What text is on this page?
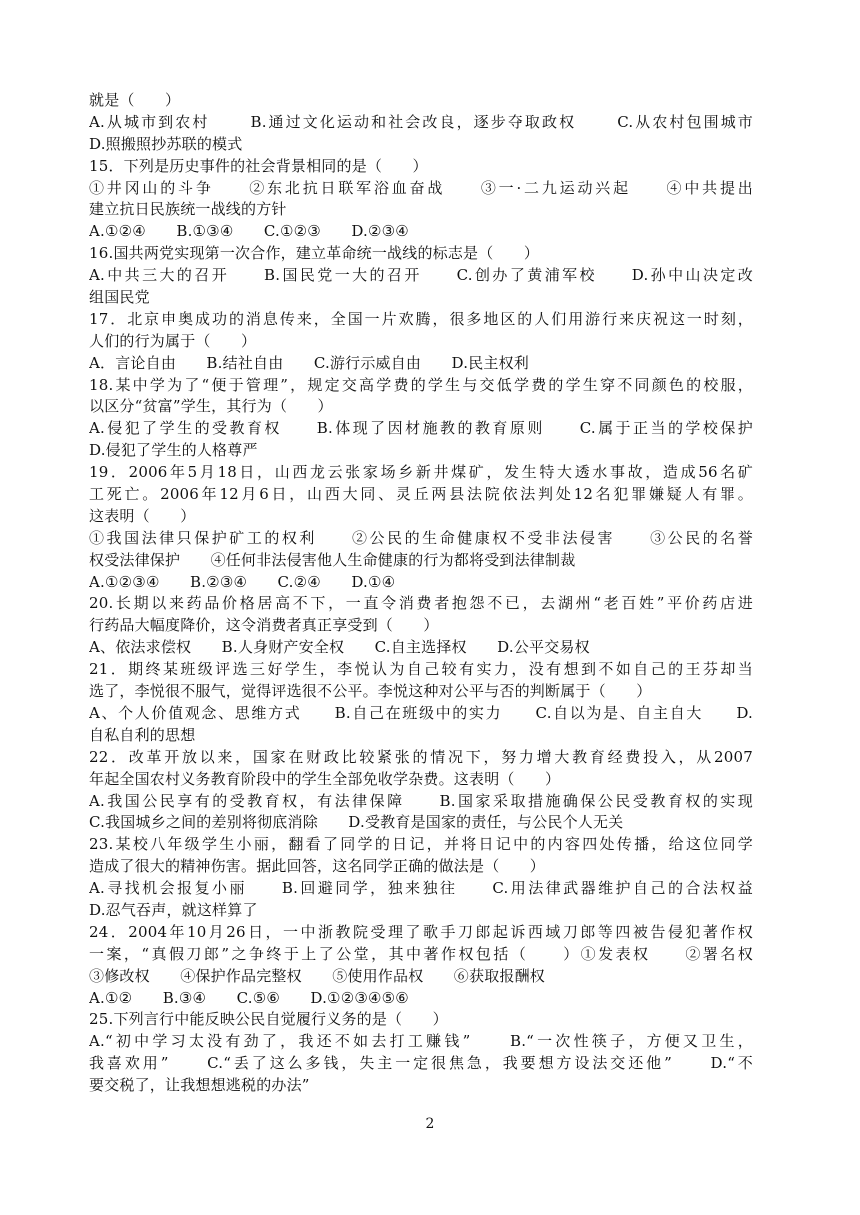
就是（　　）
A.从城市到农村　　 B.通过文化运动和社会改良，逐步夺取政权　　 C.从农村包围城市
D.照搬照抄苏联的模式
15．下列是历史事件的社会背景相同的是（　　）
①井冈山的斗争　　②东北抗日联军浴血奋战　　③一·二九运动兴起　　④中共提出
建立抗日民族统一战线的方针
A.①②④　　B.①③④　　C.①②③　　D.②③④
16.国共两党实现第一次合作，建立革命统一战线的标志是（　　）
A.中共三大的召开　　B.国民党一大的召开　　C.创办了黄浦军校　　D.孙中山决定改
组国民党
17．北京申奥成功的消息传来，全国一片欢腾，很多地区的人们用游行来庆祝这一时刻，
人们的行为属于（　　）
A．言论自由　　B.结社自由　　C.游行示威自由　　D.民主权利
18.某中学为了“便于管理”，规定交高学费的学生与交低学费的学生穿不同颜色的校服，
以区分“贫富”学生，其行为（　　）
A.侵犯了学生的受教育权　　B.体现了因材施教的教育原则　　C.属于正当的学校保护
D.侵犯了学生的人格尊严
19．2006年5月18日，山西龙云张家场乡新井煤矿，发生特大透水事故，造成56名矿
工死亡。2006年12月6日，山西大同、灵丘两县法院依法判处12名犯罪嫌疑人有罪。
这表明（　　）
①我国法律只保护矿工的权利　　②公民的生命健康权不受非法侵害　　③公民的名誉
权受法律保护　　④任何非法侵害他人生命健康的行为都将受到法律制裁
A.①②③④　　B.②③④　　C.②④　　D.①④
20.长期以来药品价格居高不下，一直令消费者抱怨不已，去湖州“老百姓”平价药店进
行药品大幅度降价，这令消费者真正享受到（　　）
A、依法求偿权　　B.人身财产安全权　　C.自主选择权　　D.公平交易权
21．期终某班级评选三好学生，李悦认为自己较有实力，没有想到不如自己的王芬却当
选了，李悦很不服气，觉得评选很不公平。李悦这种对公平与否的判断属于（　　）
A、个人价值观念、思维方式　　B.自己在班级中的实力　　C.自以为是、自主自大　　D.
自私自利的思想
22．改革开放以来，国家在财政比较紧张的情况下，努力增大教育经费投入，从2007
年起全国农村义务教育阶段中的学生全部免收学杂费。这表明（　　）
A.我国公民享有的受教育权，有法律保障　　B.国家采取措施确保公民受教育权的实现
C.我国城乡之间的差别将彻底消除　　D.受教育是国家的责任，与公民个人无关
23.某校八年级学生小丽，翻看了同学的日记，并将日记中的内容四处传播，给这位同学
造成了很大的精神伤害。据此回答，这名同学正确的做法是（　　）
A.寻找机会报复小丽　　B.回避同学，独来独往　　C.用法律武器维护自己的合法权益
D.忍气吞声，就这样算了
24．2004年10月26日，一中浙教院受理了歌手刀郎起诉西域刀郎等四被告侵犯著作权
一案，“真假刀郎”之争终于上了公堂，其中著作权包括（　　）①发表权　　②署名权
③修改权　　④保护作品完整权　　⑤使用作品权　　⑥获取报酬权
A.①②　　B.③④　　C.⑤⑥　　D.①②③④⑤⑥
25.下列言行中能反映公民自觉履行义务的是（　　）
A.“初中学习太没有劲了，我还不如去打工赚钱”　　B.“一次性筷子，方便又卫生，
我喜欢用”　　C.“丢了这么多钱，失主一定很焦急，我要想方设法交还他”　　D.“不
要交税了，让我想想逃税的办法”
2
